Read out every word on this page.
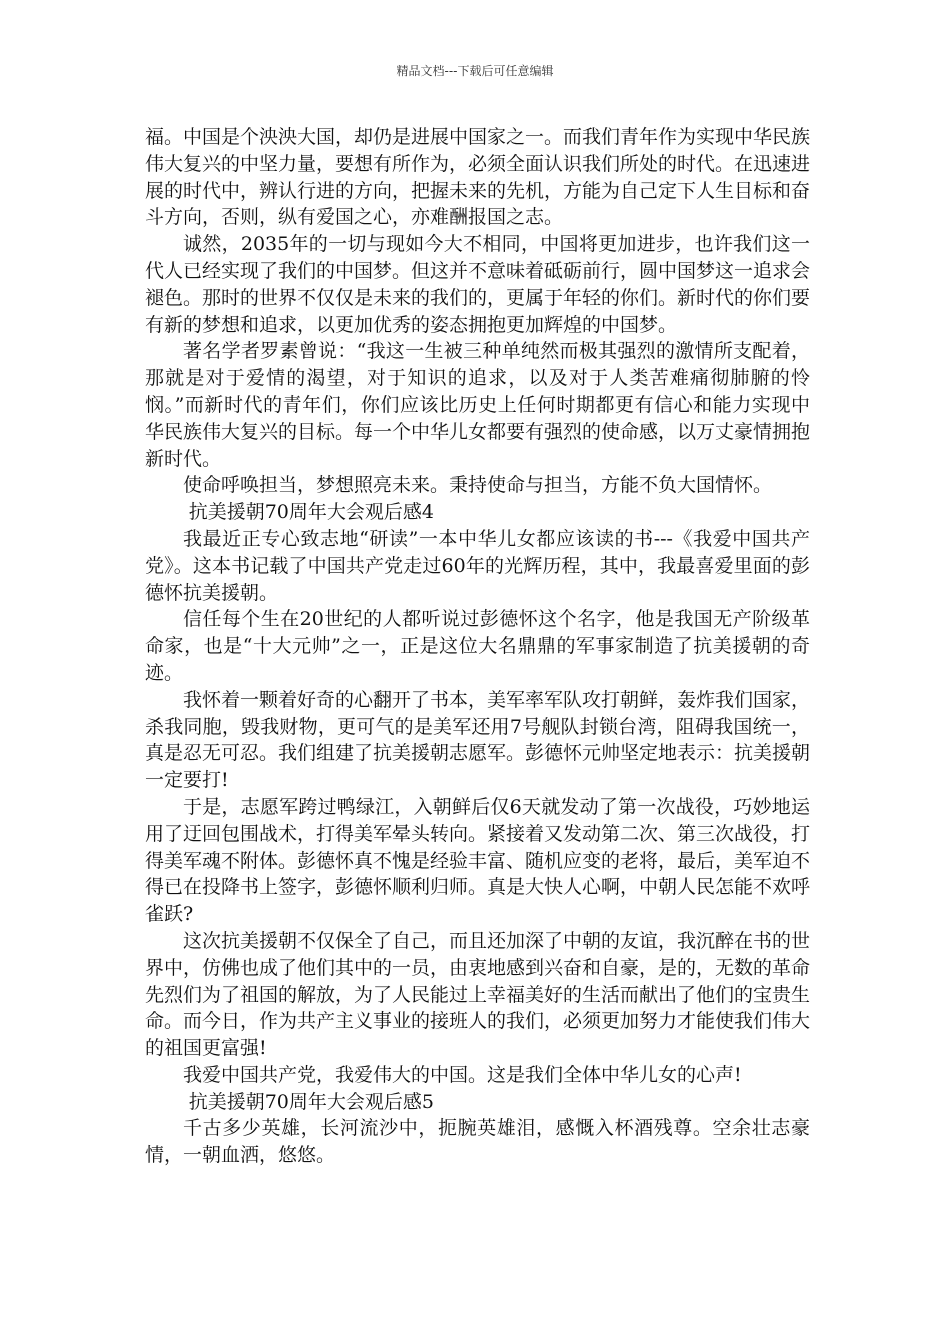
精品文档---下载后可任意编辑

福。中国是个泱泱大国，却仍是进展中国家之一。而我们青年作为实现中华民族伟大复兴的中坚力量，要想有所作为，必须全面认识我们所处的时代。在迅速进展的时代中，辨认行进的方向，把握未来的先机，方能为自己定下人生目标和奋斗方向，否则，纵有爱国之心，亦难酬报国之志。

诚然，2035年的一切与现如今大不相同，中国将更加进步，也许我们这一代人已经实现了我们的中国梦。但这并不意味着砥砺前行，圆中国梦这一追求会褪色。那时的世界不仅仅是未来的我们的，更属于年轻的你们。新时代的你们要有新的梦想和追求，以更加优秀的姿态拥抱更加辉煌的中国梦。

著名学者罗素曾说：“我这一生被三种单纯然而极其强烈的激情所支配着，那就是对于爱情的渴望，对于知识的追求，以及对于人类苦难痛彻肺腑的怜悯。”而新时代的青年们，你们应该比历史上任何时期都更有信心和能力实现中华民族伟大复兴的目标。每一个中华儿女都要有强烈的使命感，以万丈豪情拥抱新时代。

使命呼唤担当，梦想照亮未来。秉持使命与担当，方能不负大国情怀。

抗美援朝70周年大会观后感4

我最近正专心致志地“研读”一本中华儿女都应该读的书---《我爱中国共产党》。这本书记载了中国共产党走过60年的光辉历程，其中，我最喜爱里面的彭德怀抗美援朝。

信任每个生在20世纪的人都听说过彭德怀这个名字，他是我国无产阶级革命家，也是“十大元帅”之一，正是这位大名鼎鼎的军事家制造了抗美援朝的奇迹。

我怀着一颗着好奇的心翻开了书本，美军率军队攻打朝鲜，轰炸我们国家，杀我同胞，毁我财物，更可气的是美军还用7号舰队封锁台湾，阻碍我国统一，真是忍无可忍。我们组建了抗美援朝志愿军。彭德怀元帅坚定地表示：抗美援朝一定要打!

于是，志愿军跨过鸭绿江，入朝鲜后仅6天就发动了第一次战役，巧妙地运用了迂回包围战术，打得美军晕头转向。紧接着又发动第二次、第三次战役，打得美军魂不附体。彭德怀真不愧是经验丰富、随机应变的老将，最后，美军迫不得已在投降书上签字，彭德怀顺利归师。真是大快人心啊，中朝人民怎能不欢呼雀跃?

这次抗美援朝不仅保全了自己，而且还加深了中朝的友谊，我沉醉在书的世界中，仿佛也成了他们其中的一员，由衷地感到兴奋和自豪，是的，无数的革命先烈们为了祖国的解放，为了人民能过上幸福美好的生活而献出了他们的宝贵生命。而今日，作为共产主义事业的接班人的我们，必须更加努力才能使我们伟大的祖国更富强!

我爱中国共产党，我爱伟大的中国。这是我们全体中华儿女的心声!

抗美援朝70周年大会观后感5

千古多少英雄，长河流沙中，扼腕英雄泪，感慨入杯酒残尊。空余壮志豪情，一朝血洒，悠悠。
